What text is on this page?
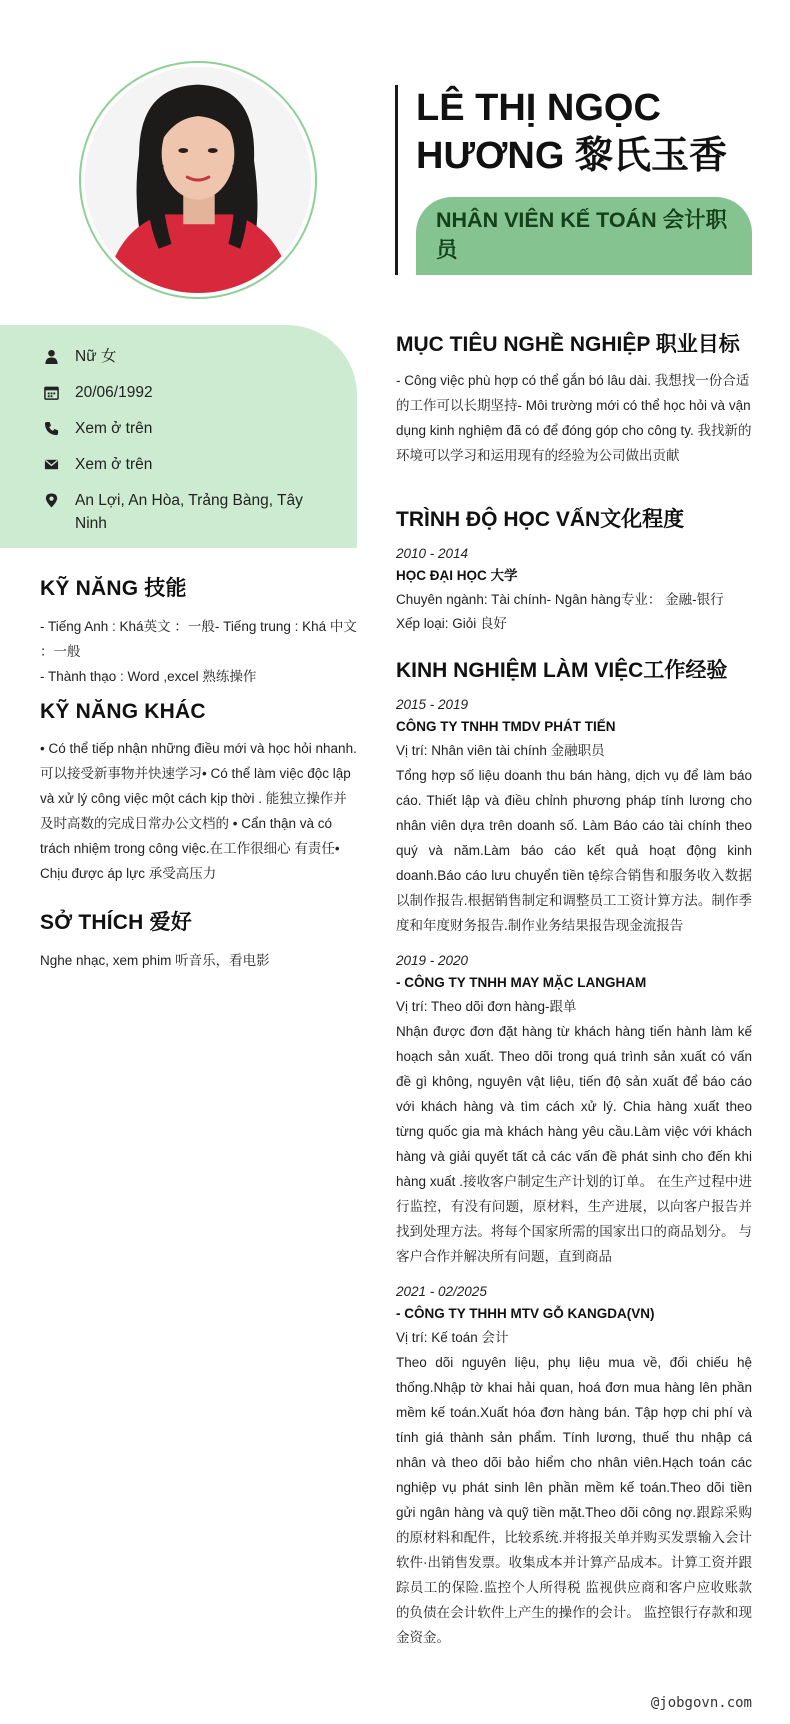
Nữ 女
20/06/1992
Xem ở trên
Xem ở trên
An Lợi, An Hòa, Trảng Bàng, Tây Ninh
KỸ NĂNG 技能

- Tiếng Anh : Khá英文 ：一般- Tiếng trung : Khá 中文 ：一般

- Thành thạo : Word ,excel 熟练操作

KỸ NĂNG KHÁC

• Có thể tiếp nhận những điều mới và học hỏi nhanh. 可以接受新事物并快速学习• Có thể làm việc độc lập và xử lý công việc một cách kịp thời . 能独立操作并及时高数的完成日常办公文档的 • Cẩn thận và có trách nhiệm trong công việc.在工作很细心 有责任• Chịu được áp lực 承受高压力

SỞ THÍCH 爱好

Nghe nhạc, xem phim 听音乐，看电影

LÊ THỊ NGỌC HƯƠNG 黎氏玉香
NHÂN VIÊN KẾ TOÁN 会计职员
MỤC TIÊU NGHỀ NGHIỆP 职业目标

- Công việc phù hợp có thể gắn bó lâu dài. 我想找一份合适的工作可以长期坚持- Môi trường mới có thể học hỏi và vận dụng kinh nghiệm đã có để đóng góp cho công ty. 我找新的环境可以学习和运用现有的经验为公司做出贡献

TRÌNH ĐỘ HỌC VẤN文化程度
2010 - 2014
HỌC ĐẠI HỌC 大学
Chuyên ngành: Tài chính- Ngân hàng专业： 金融-银行
Xếp loại: Giỏi 良好
KINH NGHIỆM LÀM VIỆC工作经验
2015 - 2019
CÔNG TY TNHH TMDV PHÁT TIẾN
Vị trí: Nhân viên tài chính 金融职员

Tổng hợp số liệu doanh thu bán hàng, dịch vụ để làm báo cáo. Thiết lập và điều chỉnh phương pháp tính lương cho nhân viên dựa trên doanh số. Làm Báo cáo tài chính theo quý và năm.Làm báo cáo kết quả hoạt động kinh doanh.Báo cáo lưu chuyển tiền tệ综合销售和服务收入数据以制作报告.根据销售制定和调整员工工资计算方法。制作季度和年度财务报告.制作业务结果报告现金流报告

2019 - 2020
- CÔNG TY TNHH MAY MẶC LANGHAM
Vị trí: Theo dõi đơn hàng-跟单

Nhận được đơn đặt hàng từ khách hàng tiến hành làm kế hoạch sản xuất. Theo dõi trong quá trình sản xuất có vấn đề gì không, nguyên vật liệu, tiến độ sản xuất để báo cáo với khách hàng và tìm cách xử lý. Chia hàng xuất theo từng quốc gia mà khách hàng yêu cầu.Làm việc với khách hàng và giải quyết tất cả các vấn đề phát sinh cho đến khi hàng xuất .接收客户制定生产计划的订单。 在生产过程中进行监控，有没有问题，原材料，生产进展，以向客户报告并找到处理方法。将每个国家所需的国家出口的商品划分。 与客户合作并解决所有问题，直到商品

2021 - 02/2025
- CÔNG TY THHH MTV GỖ KANGDA(VN)
Vị trí: Kế toán 会计

Theo dõi nguyên liệu, phụ liệu mua về, đối chiếu hệ thống.Nhập tờ khai hải quan, hoá đơn mua hàng lên phần mềm kế toán.Xuất hóa đơn hàng bán. Tập hợp chi phí và tính giá thành sản phẩm. Tính lương, thuế thu nhập cá nhân và theo dõi bảo hiểm cho nhân viên.Hạch toán các nghiệp vụ phát sinh lên phần mềm kế toán.Theo dõi tiền gửi ngân hàng và quỹ tiền mặt.Theo dõi công nợ.跟踪采购的原材料和配件，比较系统.并将报关单并购买发票输入会计软件·出销售发票。收集成本并计算产品成本。计算工资并跟踪员工的保险.监控个人所得税 监视供应商和客户应收账款的负债在会计软件上产生的操作的会计。 监控银行存款和现金资金。

@jobgovn.com
